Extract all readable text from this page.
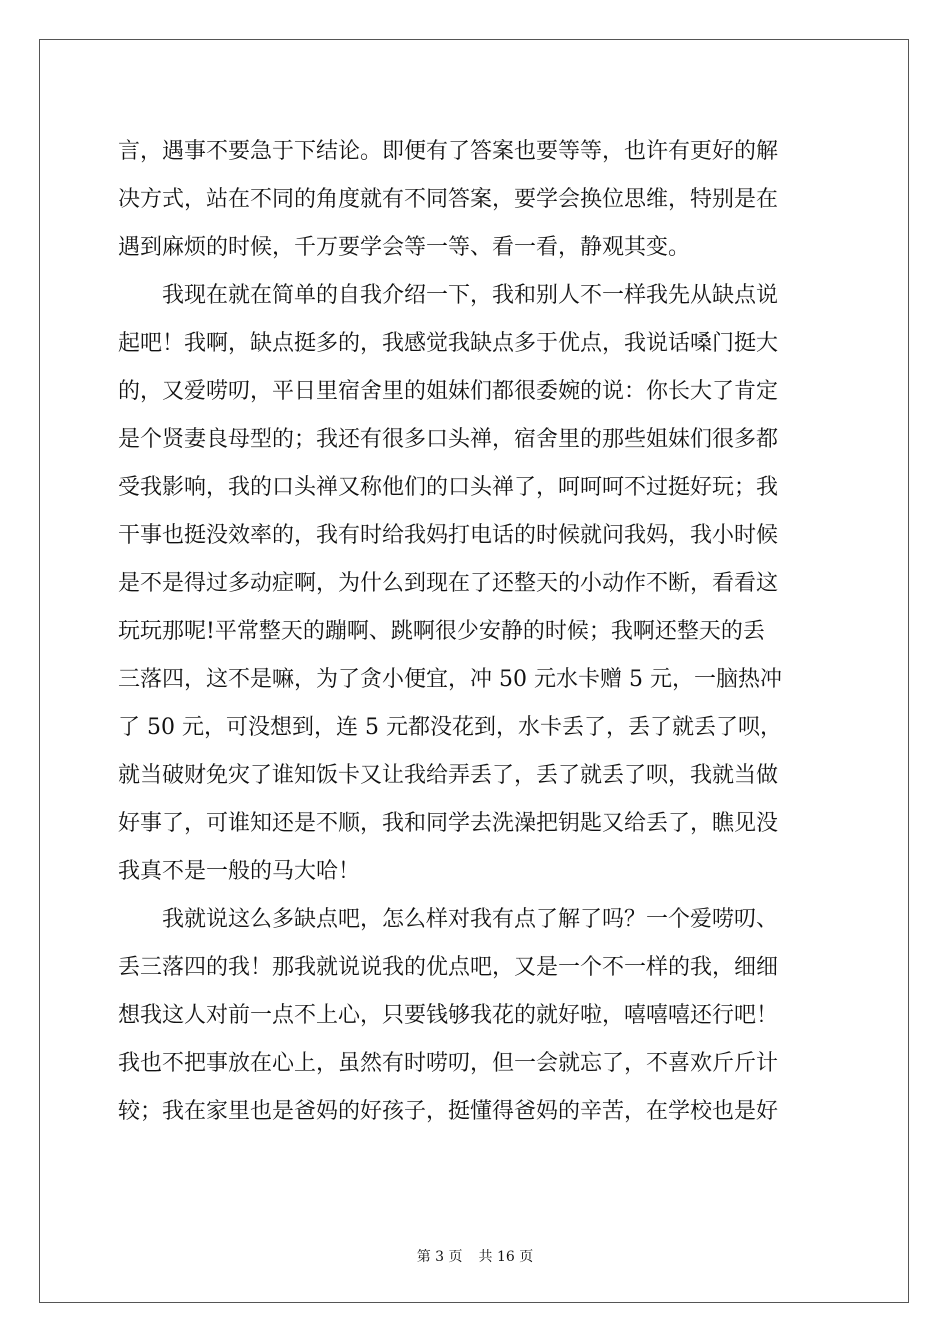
言，遇事不要急于下结论。即便有了答案也要等等，也许有更好的解
决方式，站在不同的角度就有不同答案，要学会换位思维，特别是在
遇到麻烦的时候，千万要学会等一等、看一看，静观其变。
　　我现在就在简单的自我介绍一下，我和别人不一样我先从缺点说
起吧！我啊，缺点挺多的，我感觉我缺点多于优点，我说话嗓门挺大
的，又爱唠叨，平日里宿舍里的姐妹们都很委婉的说：你长大了肯定
是个贤妻良母型的；我还有很多口头禅，宿舍里的那些姐妹们很多都
受我影响，我的口头禅又称他们的口头禅了，呵呵呵不过挺好玩；我
干事也挺没效率的，我有时给我妈打电话的时候就问我妈，我小时候
是不是得过多动症啊，为什么到现在了还整天的小动作不断，看看这
玩玩那呢!平常整天的蹦啊、跳啊很少安静的时候；我啊还整天的丢
三落四，这不是嘛，为了贪小便宜，冲 50 元水卡赠 5 元，一脑热冲
了 50 元，可没想到，连 5 元都没花到，水卡丢了，丢了就丢了呗，
就当破财免灾了谁知饭卡又让我给弄丢了，丢了就丢了呗，我就当做
好事了，可谁知还是不顺，我和同学去洗澡把钥匙又给丢了，瞧见没
我真不是一般的马大哈！
　　我就说这么多缺点吧，怎么样对我有点了解了吗？一个爱唠叨、
丢三落四的我！那我就说说我的优点吧，又是一个不一样的我，细细
想我这人对前一点不上心，只要钱够我花的就好啦，嘻嘻嘻还行吧！
我也不把事放在心上，虽然有时唠叨，但一会就忘了，不喜欢斤斤计
较；我在家里也是爸妈的好孩子，挺懂得爸妈的辛苦，在学校也是好
第 3 页 共 16 页
